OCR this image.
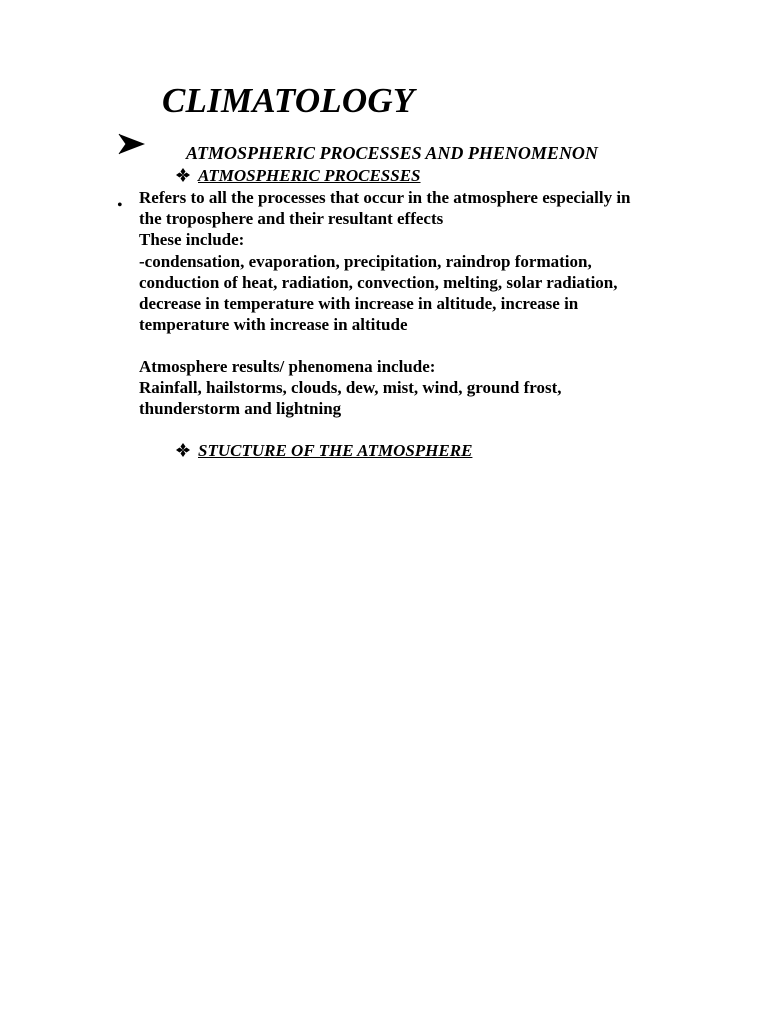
CLIMATOLOGY
ATMOSPHERIC PROCESSES AND PHENOMENON
ATMOSPHERIC PROCESSES
• Refers to all the processes that occur in the atmosphere especially in
the troposphere and their resultant effects
These include:
-condensation, evaporation, precipitation, raindrop formation,
conduction of heat, radiation, convection, melting, solar radiation,
decrease in temperature with increase in altitude, increase in
temperature with increase in altitude
Atmosphere results/ phenomena include:
Rainfall, hailstorms, clouds, dew, mist, wind, ground frost,
thunderstorm and lightning
STUCTURE OF THE ATMOSPHERE
